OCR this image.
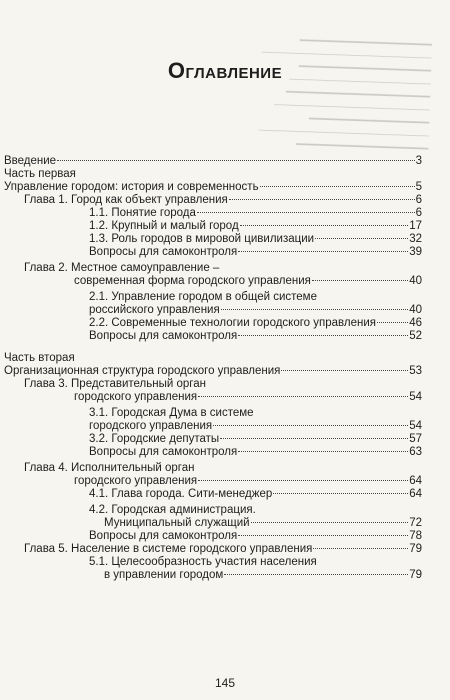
━━━━━━━━━━━━━━━━━━━━━━
────────────────────────
━━━━━━━━━━━━━━━━━━━━━━
────────────────────
━━━━━━━━━━━━━━━━━━━━━━━━
──────────────────────
━━━━━━━━━━━━━━━━━━━━
────────────────────────
━━━━━━━━━━━━━━━━━━━━━━
Оглавление
Введение	3
Часть первая
Управление городом: история и современность	5
Глава 1. Город как объект управления	6
1.1. Понятие города	6
1.2. Крупный и малый город	17
1.3. Роль городов в мировой цивилизации	32
Вопросы для самоконтроля	39
Глава 2. Местное самоуправление –
современная форма городского управления	40
2.1. Управление городом в общей системе
российского управления	40
2.2. Современные технологии городского управления	46
Вопросы для самоконтроля	52
Часть вторая
Организационная структура городского управления	53
Глава 3. Представительный орган
городского управления	54
3.1. Городская Дума в системе
городского управления	54
3.2. Городские депутаты	57
Вопросы для самоконтроля	63
Глава 4. Исполнительный орган
городского управления	64
4.1. Глава города. Сити-менеджер	64
4.2. Городская администрация.
Муниципальный служащий	72
Вопросы для самоконтроля	78
Глава 5. Население в системе городского управления	79
5.1. Целесообразность участия населения
в управлении городом	79
145
